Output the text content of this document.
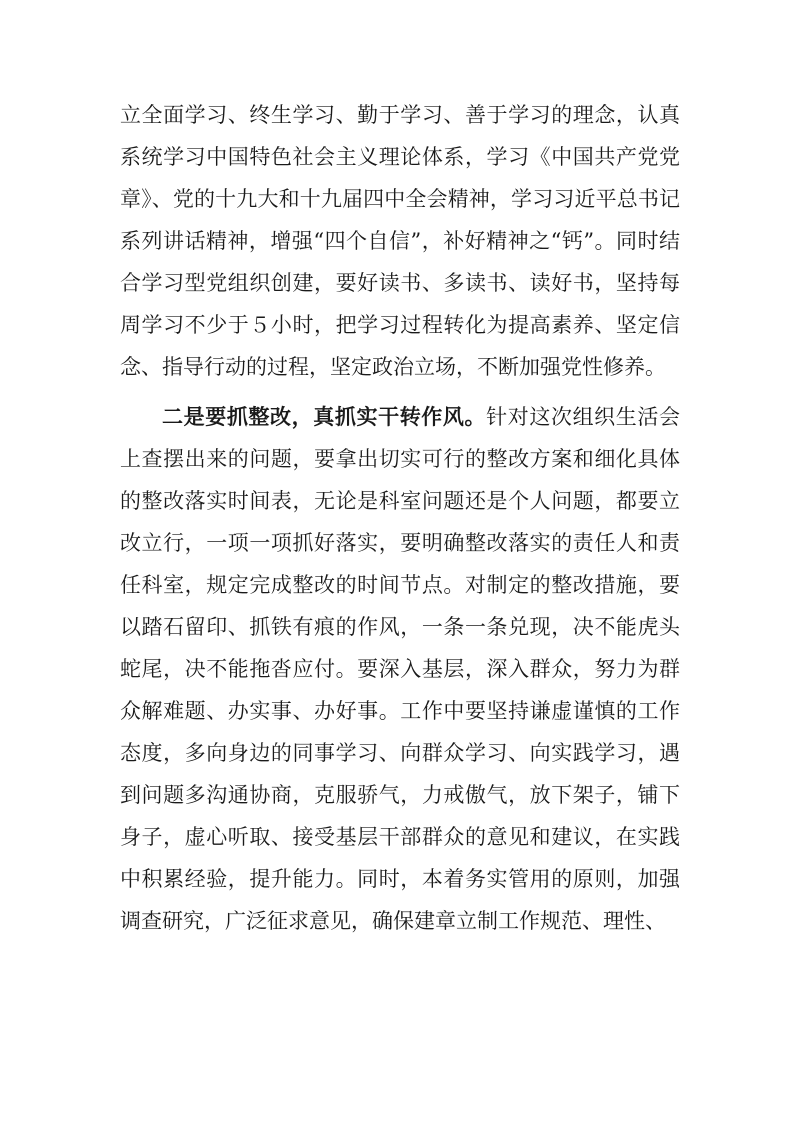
立全面学习、终生学习、勤于学习、善于学习的理念，认真系统学习中国特色社会主义理论体系，学习《中国共产党党章》、党的十九大和十九届四中全会精神，学习习近平总书记系列讲话精神，增强“四个自信”，补好精神之“钙”。同时结合学习型党组织创建，要好读书、多读书、读好书，坚持每周学习不少于５小时，把学习过程转化为提高素养、坚定信念、指导行动的过程，坚定政治立场，不断加强党性修养。

二是要抓整改，真抓实干转作风。针对这次组织生活会上查摆出来的问题，要拿出切实可行的整改方案和细化具体的整改落实时间表，无论是科室问题还是个人问题，都要立改立行，一项一项抓好落实，要明确整改落实的责任人和责任科室，规定完成整改的时间节点。对制定的整改措施，要以踏石留印、抓铁有痕的作风，一条一条兑现，决不能虎头蛇尾，决不能拖沓应付。要深入基层，深入群众，努力为群众解难题、办实事、办好事。工作中要坚持谦虚谨慎的工作态度，多向身边的同事学习、向群众学习、向实践学习，遇到问题多沟通协商，克服骄气，力戒傲气，放下架子，铺下身子，虚心听取、接受基层干部群众的意见和建议，在实践中积累经验，提升能力。同时，本着务实管用的原则，加强调查研究，广泛征求意见，确保建章立制工作规范、理性、
